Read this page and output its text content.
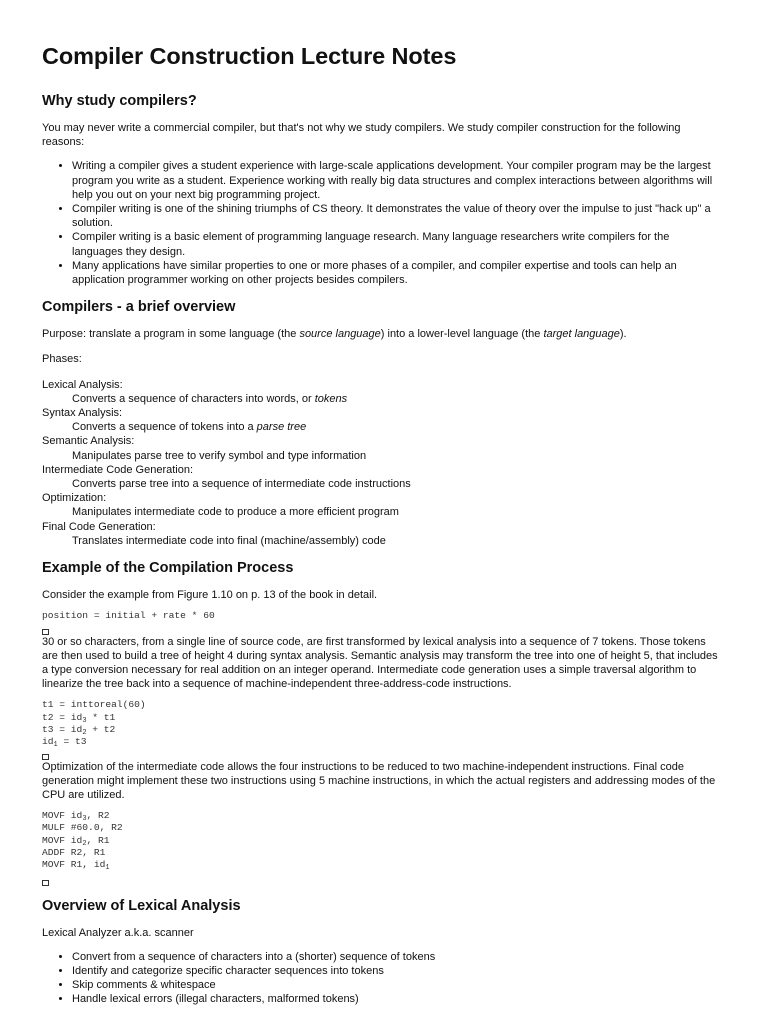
Compiler Construction Lecture Notes
Why study compilers?

You may never write a commercial compiler, but that's not why we study compilers. We study compiler construction for the following reasons:

• Writing a compiler gives a student experience with large-scale applications development. Your compiler program may be the largest program you write as a student. Experience working with really big data structures and complex interactions between algorithms will help you out on your next big programming project.
• Compiler writing is one of the shining triumphs of CS theory. It demonstrates the value of theory over the impulse to just "hack up" a solution.
• Compiler writing is a basic element of programming language research. Many language researchers write compilers for the languages they design.
• Many applications have similar properties to one or more phases of a compiler, and compiler expertise and tools can help an application programmer working on other projects besides compilers.
Compilers - a brief overview

Purpose: translate a program in some language (the source language) into a lower-level language (the target language).

Phases:

Lexical Analysis:
Converts a sequence of characters into words, or tokens
Syntax Analysis:
Converts a sequence of tokens into a parse tree
Semantic Analysis:
Manipulates parse tree to verify symbol and type information
Intermediate Code Generation:
Converts parse tree into a sequence of intermediate code instructions
Optimization:
Manipulates intermediate code to produce a more efficient program
Final Code Generation:
Translates intermediate code into final (machine/assembly) code
Example of the Compilation Process

Consider the example from Figure 1.10 on p. 13 of the book in detail.

position = initial + rate * 60

30 or so characters, from a single line of source code, are first transformed by lexical analysis into a sequence of 7 tokens. Those tokens are then used to build a tree of height 4 during syntax analysis. Semantic analysis may transform the tree into one of height 5, that includes a type conversion necessary for real addition on an integer operand. Intermediate code generation uses a simple traversal algorithm to linearize the tree back into a sequence of machine-independent three-address-code instructions.

t1 = inttoreal(60)
$t2 = id_3 * t1$
$t3 = id_2 + t2$
$id_1 = t3$

Optimization of the intermediate code allows the four instructions to be reduced to two machine-independent instructions. Final code generation might implement these two instructions using 5 machine instructions, in which the actual registers and addressing modes of the CPU are utilized.

MOVF $id_3$, R2
MULF #60.0, R2
MOVF $id_2$, R1
ADDF R2, R1
MOVF R1, $id_1$
Overview of Lexical Analysis

Lexical Analyzer a.k.a. scanner

• Convert from a sequence of characters into a (shorter) sequence of tokens
• Identify and categorize specific character sequences into tokens
• Skip comments & whitespace
• Handle lexical errors (illegal characters, malformed tokens)
